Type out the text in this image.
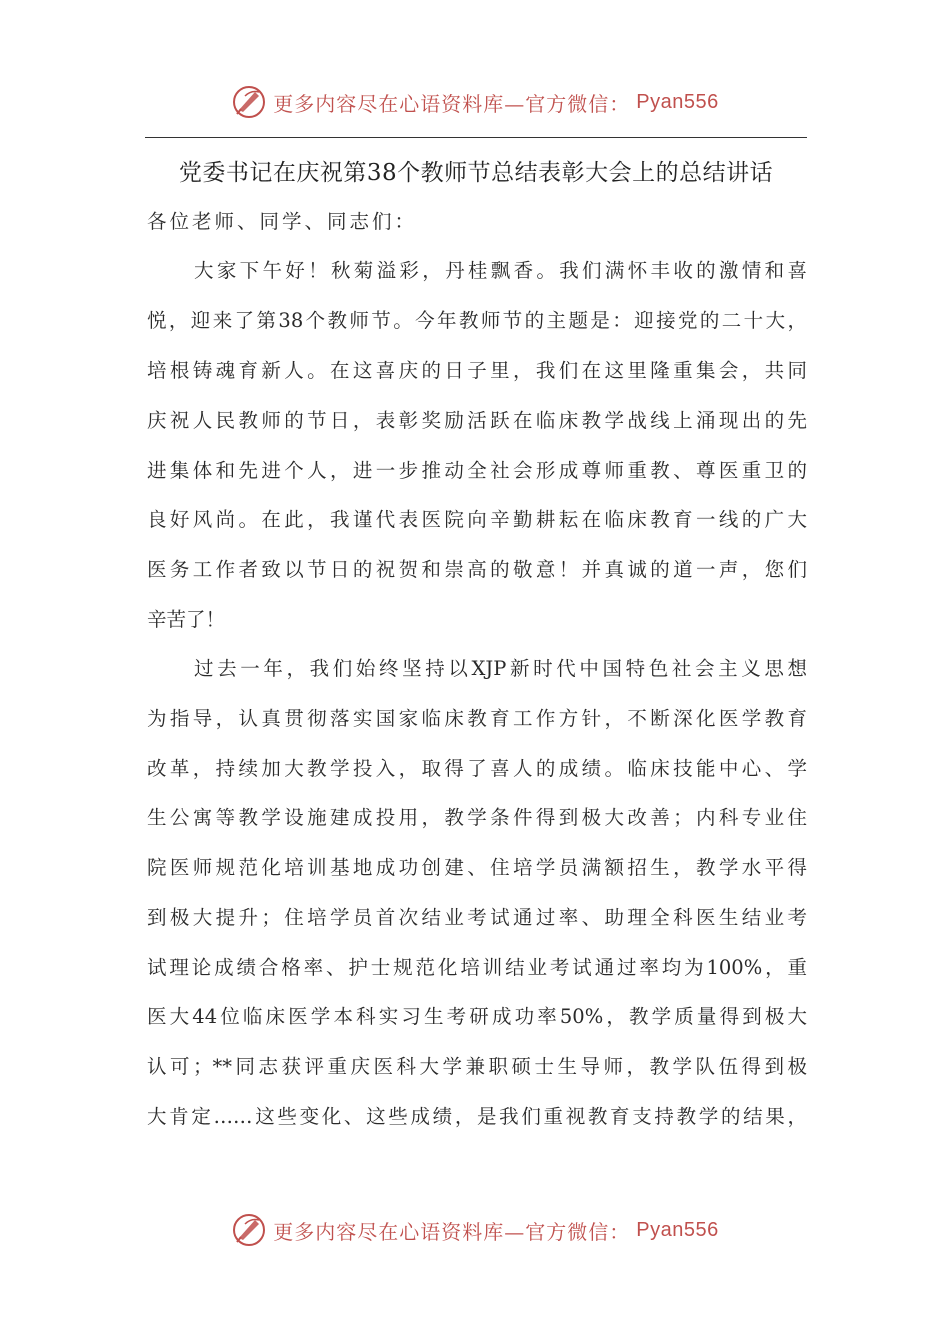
更多内容尽在心语资料库—官方微信： Pyan556
党委书记在庆祝第38个教师节总结表彰大会上的总结讲话
各位老师、同学、同志们：
大家下午好！秋菊溢彩，丹桂飘香。我们满怀丰收的激情和喜
悦，迎来了第38个教师节。今年教师节的主题是：迎接党的二十大，
培根铸魂育新人。在这喜庆的日子里，我们在这里隆重集会，共同
庆祝人民教师的节日，表彰奖励活跃在临床教学战线上涌现出的先
进集体和先进个人，进一步推动全社会形成尊师重教、尊医重卫的
良好风尚。在此，我谨代表医院向辛勤耕耘在临床教育一线的广大
医务工作者致以节日的祝贺和崇高的敬意！并真诚的道一声，您们
辛苦了！
过去一年，我们始终坚持以XJP新时代中国特色社会主义思想
为指导，认真贯彻落实国家临床教育工作方针，不断深化医学教育
改革，持续加大教学投入，取得了喜人的成绩。临床技能中心、学
生公寓等教学设施建成投用，教学条件得到极大改善；内科专业住
院医师规范化培训基地成功创建、住培学员满额招生，教学水平得
到极大提升；住培学员首次结业考试通过率、助理全科医生结业考
试理论成绩合格率、护士规范化培训结业考试通过率均为100%，重
医大44位临床医学本科实习生考研成功率50%，教学质量得到极大
认可；**同志获评重庆医科大学兼职硕士生导师，教学队伍得到极
大肯定……这些变化、这些成绩，是我们重视教育支持教学的结果，
更多内容尽在心语资料库—官方微信： Pyan556
